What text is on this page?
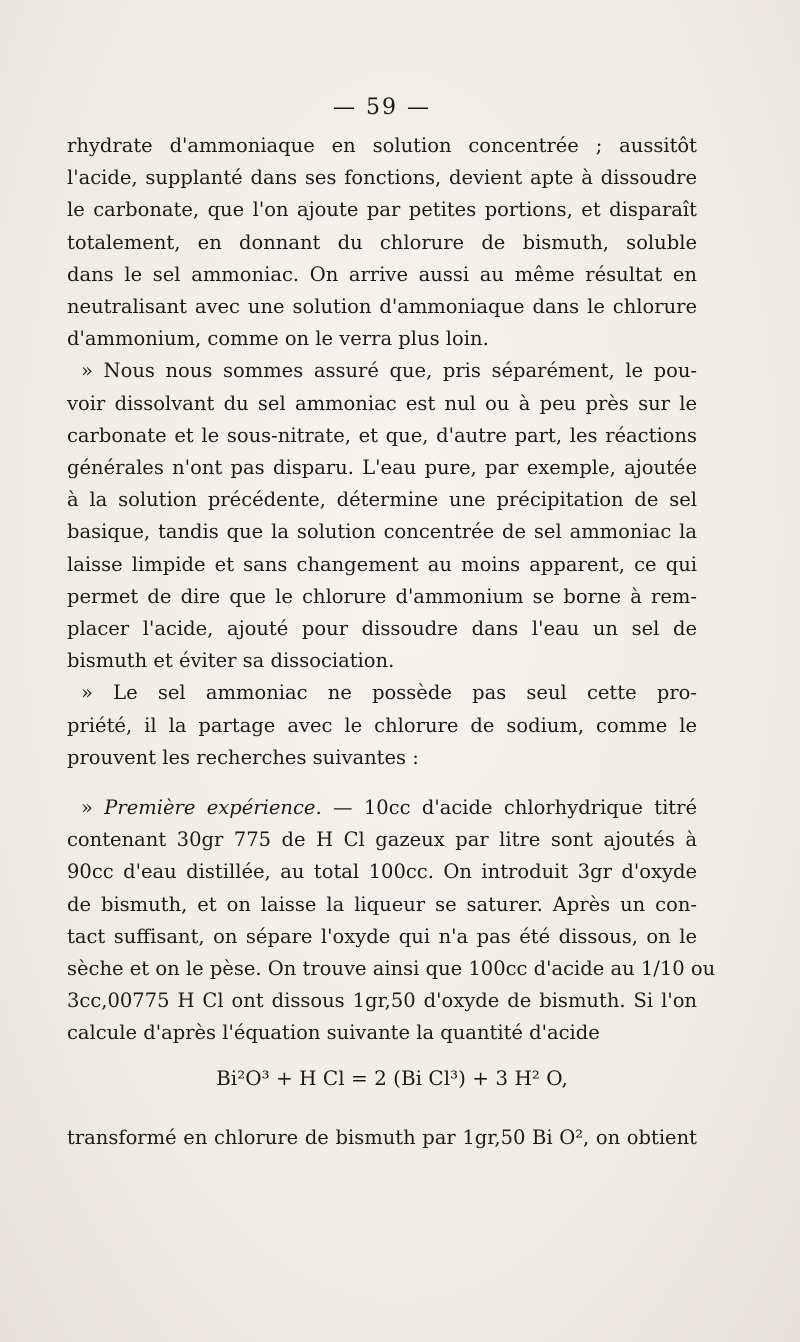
— 59 —
rhydrate d'ammoniaque en solution concentrée ; aussitôt
l'acide, supplanté dans ses fonctions, devient apte à dissoudre
le carbonate, que l'on ajoute par petites portions, et disparaît
totalement, en donnant du chlorure de bismuth, soluble
dans le sel ammoniac. On arrive aussi au même résultat en
neutralisant avec une solution d'ammoniaque dans le chlorure
d'ammonium, comme on le verra plus loin.
» Nous nous sommes assuré que, pris séparément, le pou-
voir dissolvant du sel ammoniac est nul ou à peu près sur le
carbonate et le sous-nitrate, et que, d'autre part, les réactions
générales n'ont pas disparu. L'eau pure, par exemple, ajoutée
à la solution précédente, détermine une précipitation de sel
basique, tandis que la solution concentrée de sel ammoniac la
laisse limpide et sans changement au moins apparent, ce qui
permet de dire que le chlorure d'ammonium se borne à rem-
placer l'acide, ajouté pour dissoudre dans l'eau un sel de
bismuth et éviter sa dissociation.
» Le sel ammoniac ne possède pas seul cette pro-
priété, il la partage avec le chlorure de sodium, comme le
prouvent les recherches suivantes :
» Première expérience. — 10cc d'acide chlorhydrique titré
contenant 30gr 775 de H Cl gazeux par litre sont ajoutés à
90cc d'eau distillée, au total 100cc. On introduit 3gr d'oxyde
de bismuth, et on laisse la liqueur se saturer. Après un con-
tact suffisant, on sépare l'oxyde qui n'a pas été dissous, on le
sèche et on le pèse. On trouve ainsi que 100cc d'acide au 1/10 ou
3cc,00775 H Cl ont dissous 1gr,50 d'oxyde de bismuth. Si l'on
calcule d'après l'équation suivante la quantité d'acide
Bi²O³ + H Cl = 2 (Bi Cl³) + 3 H² O,
transformé en chlorure de bismuth par 1gr,50 Bi O², on obtient
